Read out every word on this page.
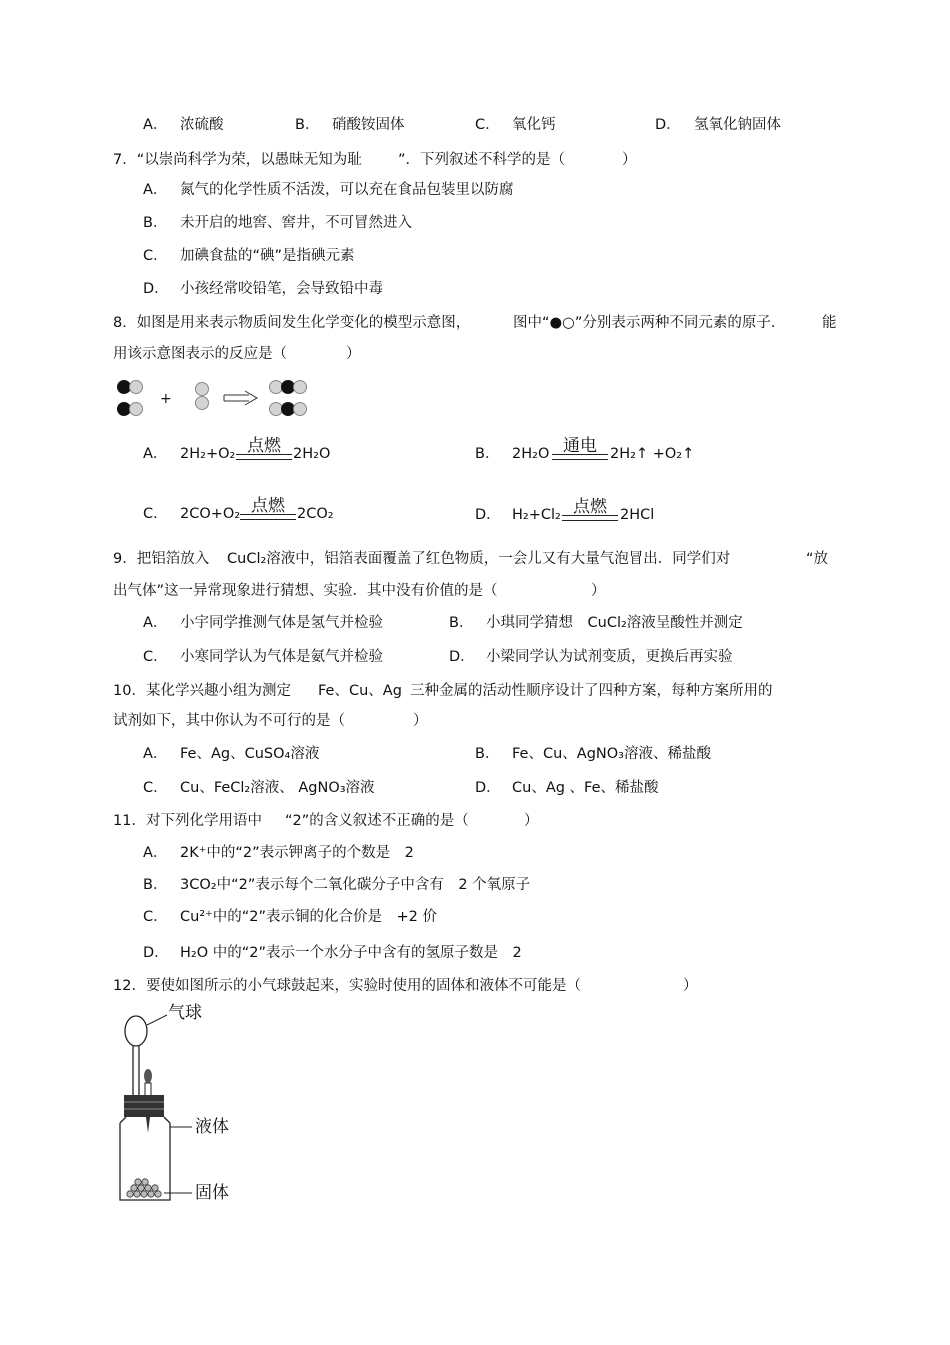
A． 浓硫酸	B． 硝酸铵固体	C． 氧化钙	D． 氢氧化钠固体
7．“以崇尚科学为荣，以愚昧无知为耻	”．下列叙述不科学的是（	）
A． 氮气的化学性质不活泼，可以充在食品包装里以防腐
B． 未开启的地窖、窖井，不可冒然进入
C． 加碘食盐的“碘”是指碘元素
D． 小孩经常咬铅笔，会导致铅中毒
8．如图是用来表示物质间发生化学变化的模型示意图，	图中“●○”分别表示两种不同元素的原子．	能
用该示意图表示的反应是（	）
+
A． 2H₂+O₂ 点燃 2H₂O	B． 2H₂O 通电 2H₂↑ +O₂↑
C． 2CO+O₂ 点燃 2CO₂	D． H₂+Cl₂ 点燃 2HCl
9．把铝箔放入 CuCl₂溶液中，铝箔表面覆盖了红色物质，一会儿又有大量气泡冒出．同学们对	“放
出气体”这一异常现象进行猜想、实验．其中没有价值的是（	）
A． 小宇同学推测气体是氢气并检验	B． 小琪同学猜想　CuCl₂溶液呈酸性并测定
C． 小寒同学认为气体是氨气并检验	D． 小梁同学认为试剂变质，更换后再实验
10．某化学兴趣小组为测定 Fe、Cu、Ag 三种金属的活动性顺序设计了四种方案，每种方案所用的
试剂如下，其中你认为不可行的是（	）
A． Fe、Ag、CuSO₄溶液	B． Fe、Cu、AgNO₃溶液、稀盐酸
C． Cu、FeCl₂溶液、 AgNO₃溶液	D． Cu、Ag 、Fe、稀盐酸
11．对下列化学用语中 “2”的含义叙述不正确的是（	）
A． 2K⁺中的“2”表示钾离子的个数是　2
B． 3CO₂中“2”表示每个二氧化碳分子中含有　2 个氧原子
C． Cu²⁺中的“2”表示铜的化合价是　+2 价
D． H₂O 中的“2”表示一个水分子中含有的氢原子数是　2
12．要使如图所示的小气球鼓起来，实验时使用的固体和液体不可能是（	）
气球
液体
固体
